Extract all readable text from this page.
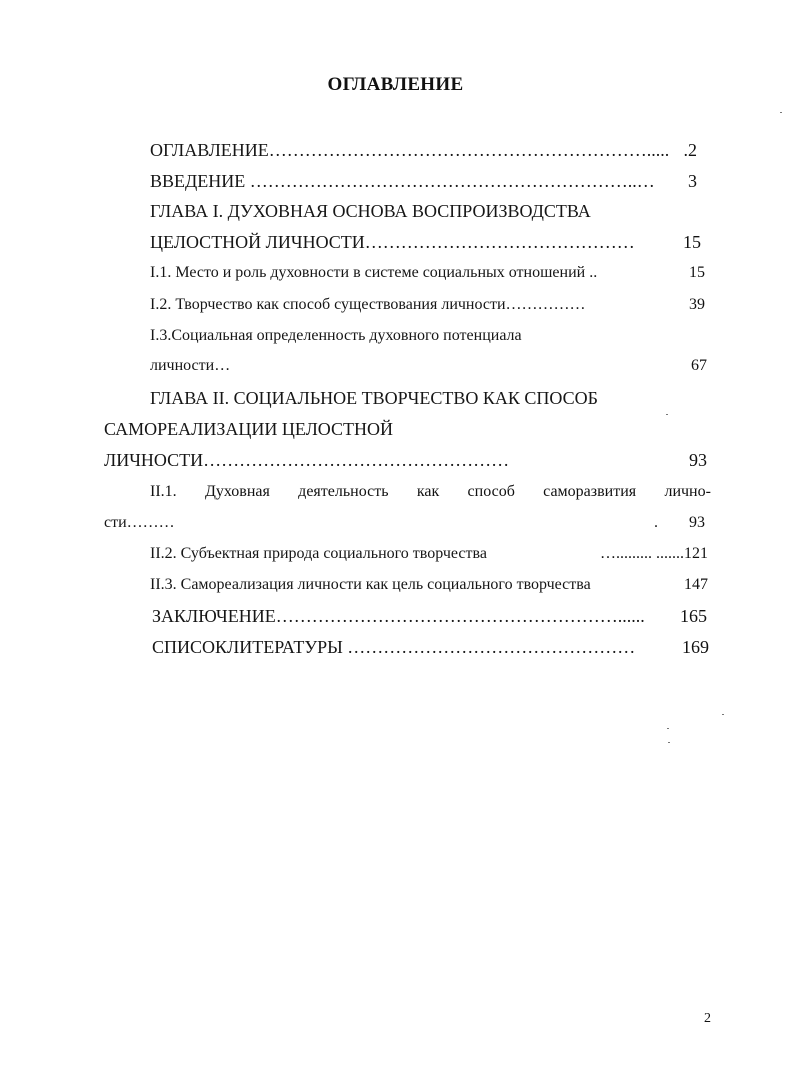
ОГЛАВЛЕНИЕ
ОГЛАВЛЕНИЕ………………………………………………………..... .2
ВВЕДЕНИЕ ………………………………………………………..… 3
ГЛАВА I. ДУХОВНАЯ ОСНОВА ВОСПРОИЗВОДСТВА
ЦЕЛОСТНОЙ ЛИЧНОСТИ………………………………………	15
I.1. Место и роль духовности в системе социальных отношений ..	15
I.2. Творчество как способ существования личности……………	39
I.3.Социальная определенность духовного потенциала
личности…	67
ГЛАВА II. СОЦИАЛЬНОЕ ТВОРЧЕСТВО КАК СПОСОБ
САМОРЕАЛИЗАЦИИ ЦЕЛОСТНОЙ
ЛИЧНОСТИ……………………………………………	93
II.1. Духовная деятельность как способ саморазвития лично-
сти………	. 93
II.2. Субъектная природа социального творчества	…......... .......121
II.3. Самореализация личности как цель социального творчества	147
ЗАКЛЮЧЕНИЕ…………………………………………………...... 165
СПИСОКЛИТЕРАТУРЫ …………………………………………	169
2
